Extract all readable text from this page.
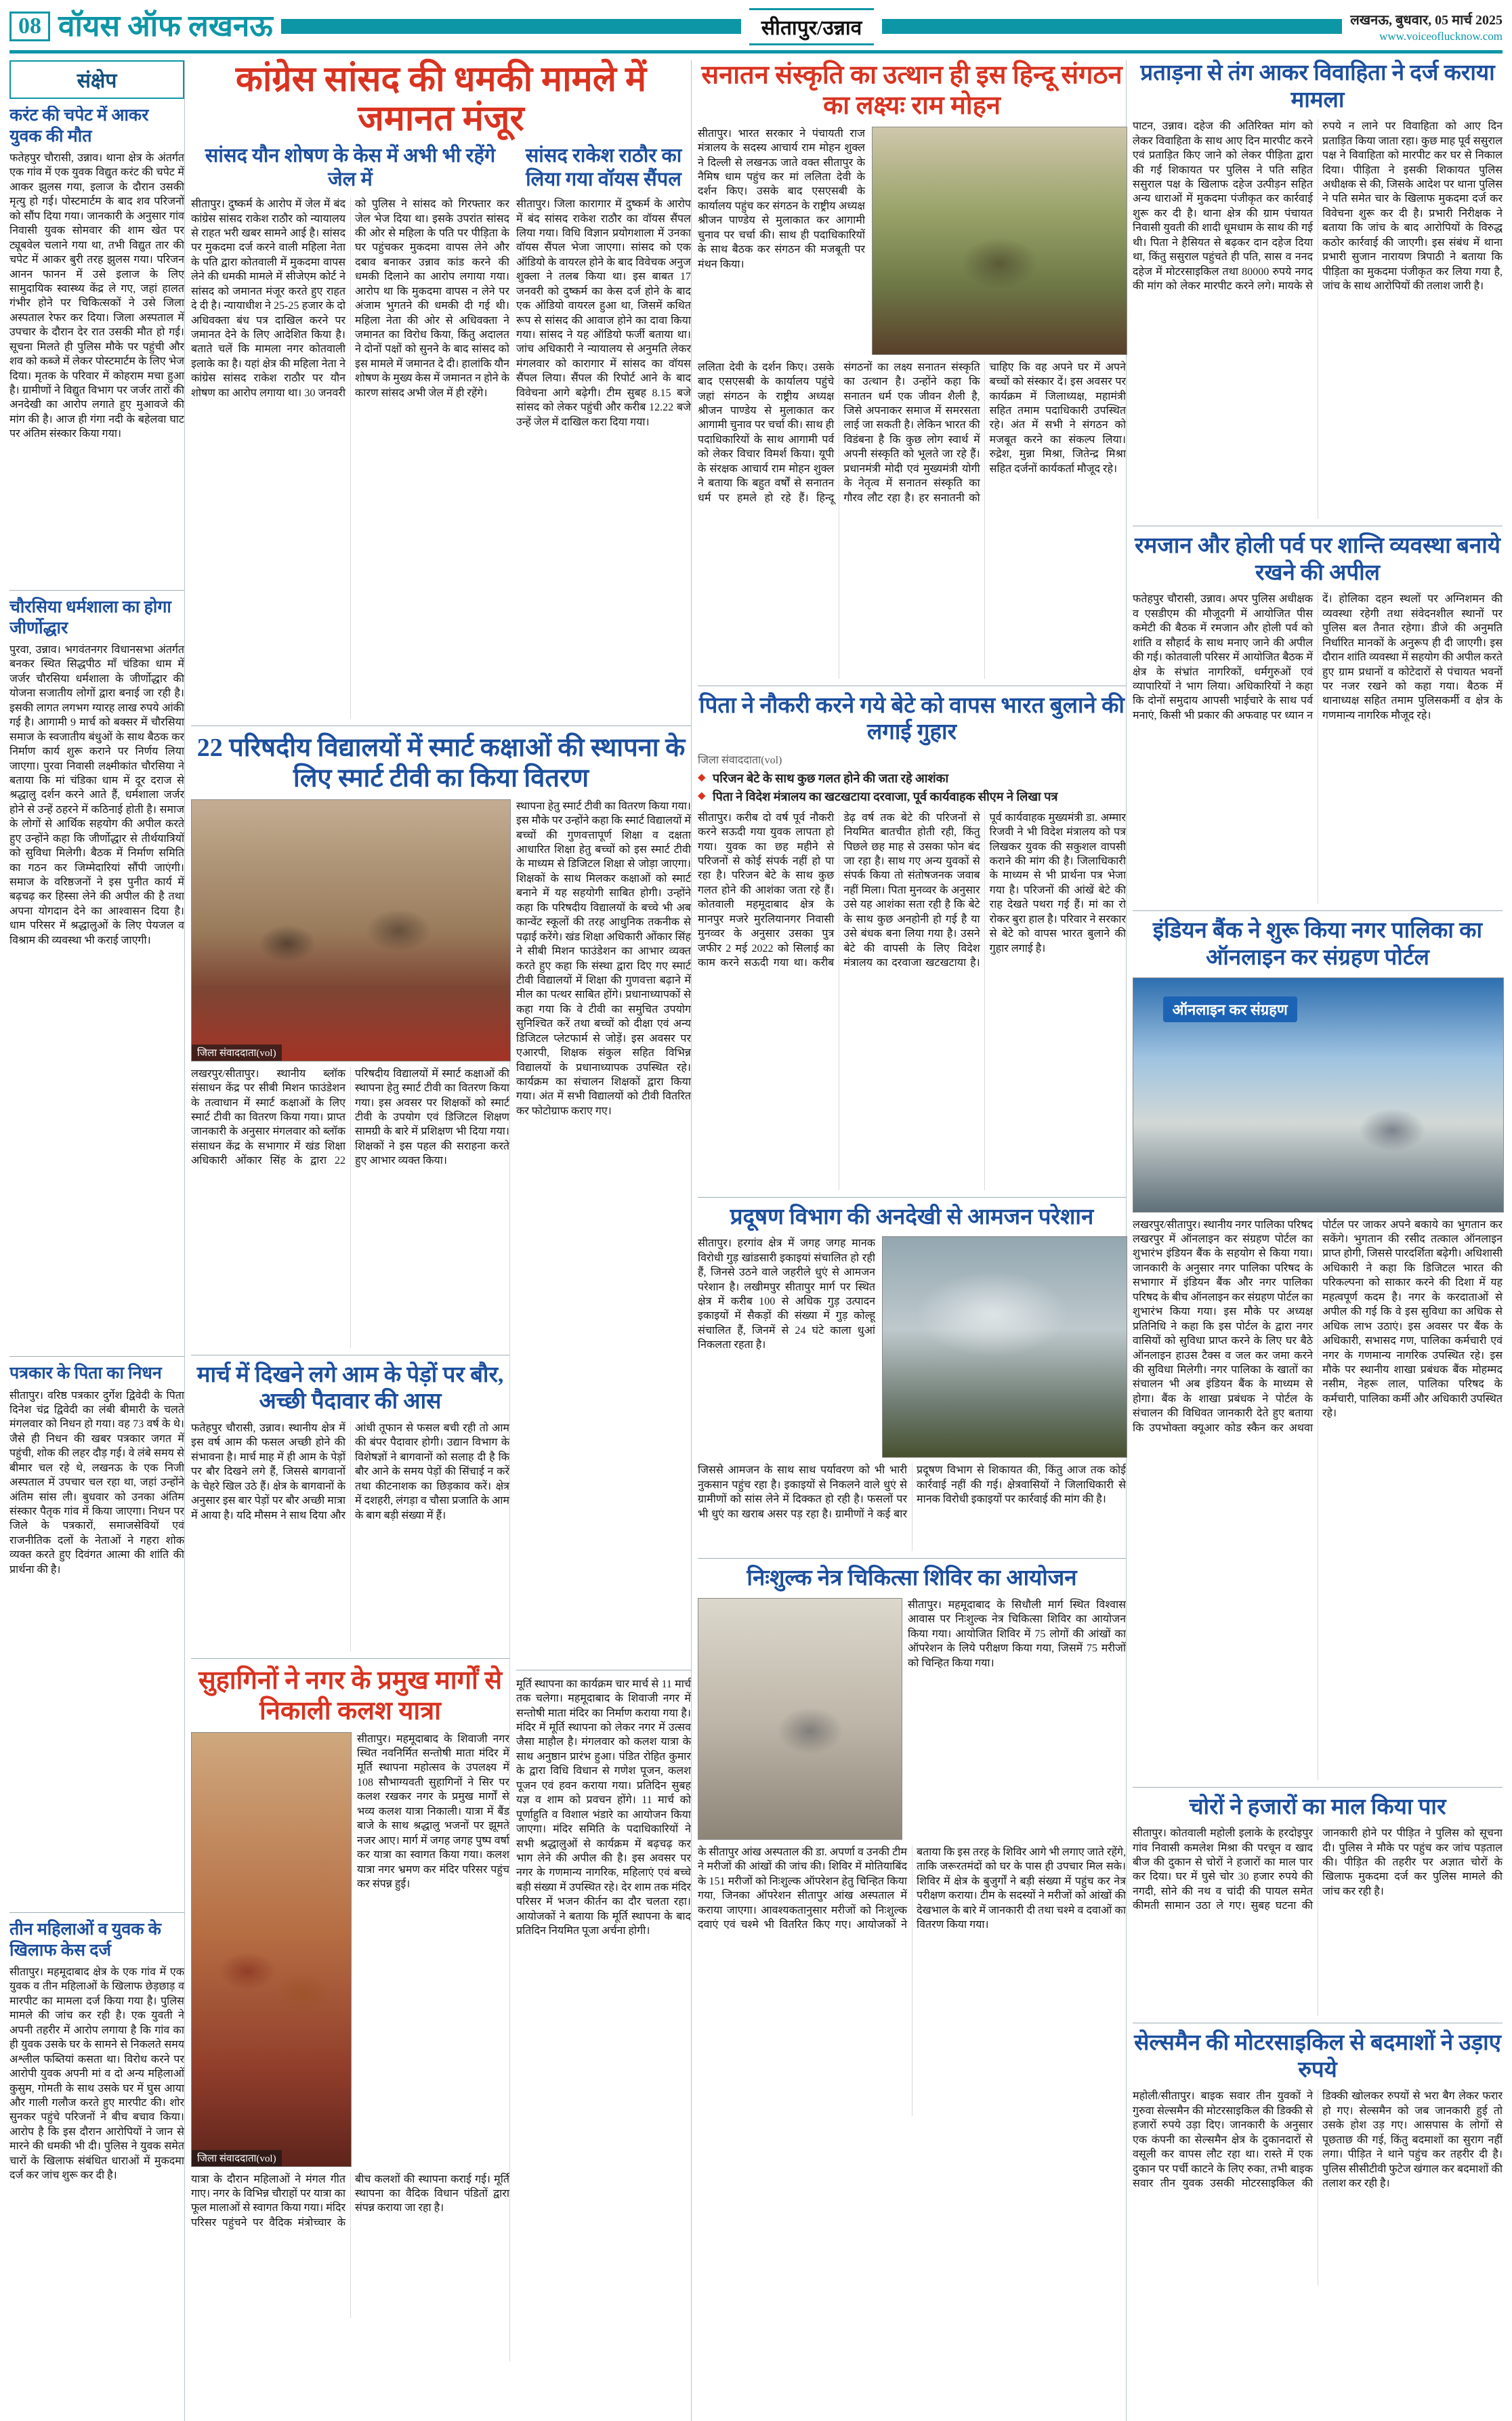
08 वॉयस ऑफ लखनऊ	सीतापुर/उन्नाव	लखनऊ, बुधवार, 05 मार्च 2025
www.voiceoflucknow.com
संक्षेप
करंट की चपेट में आकर युवक की मौत
फतेहपुर चौरासी, उन्नाव। थाना क्षेत्र के अंतर्गत एक गांव में एक युवक विद्युत करंट की चपेट में आकर झुलस गया, इलाज के दौरान उसकी मृत्यु हो गई। पोस्टमार्टम के बाद शव परिजनों को सौंप दिया गया। जानकारी के अनुसार गांव निवासी युवक सोमवार की शाम खेत पर ट्यूबवेल चलाने गया था, तभी विद्युत तार की चपेट में आकर बुरी तरह झुलस गया। परिजन आनन फानन में उसे इलाज के लिए सामुदायिक स्वास्थ्य केंद्र ले गए, जहां हालत गंभीर होने पर चिकित्सकों ने उसे जिला अस्पताल रेफर कर दिया। जिला अस्पताल में उपचार के दौरान देर रात उसकी मौत हो गई। सूचना मिलते ही पुलिस मौके पर पहुंची और शव को कब्जे में लेकर पोस्टमार्टम के लिए भेज दिया। मृतक के परिवार में कोहराम मचा हुआ है। ग्रामीणों ने विद्युत विभाग पर जर्जर तारों की अनदेखी का आरोप लगाते हुए मुआवजे की मांग की है। आज ही गंगा नदी के बहेलवा घाट पर अंतिम संस्कार किया गया।
चौरसिया धर्मशाला का होगा जीर्णोद्धार
पुरवा, उन्नाव। भगवंतनगर विधानसभा अंतर्गत बनकर स्थित सिद्धपीठ माँ चंडिका धाम में जर्जर चौरसिया धर्मशाला के जीर्णोद्धार की योजना सजातीय लोगों द्वारा बनाई जा रही है। इसकी लागत लगभग ग्यारह लाख रुपये आंकी गई है। आगामी 9 मार्च को बक्सर में चौरसिया समाज के स्वजातीय बंधुओं के साथ बैठक कर निर्माण कार्य शुरू कराने पर निर्णय लिया जाएगा। पुरवा निवासी लक्ष्मीकांत चौरसिया ने बताया कि मां चंडिका धाम में दूर दराज से श्रद्धालु दर्शन करने आते हैं, धर्मशाला जर्जर होने से उन्हें ठहरने में कठिनाई होती है। समाज के लोगों से आर्थिक सहयोग की अपील करते हुए उन्होंने कहा कि जीर्णोद्धार से तीर्थयात्रियों को सुविधा मिलेगी। बैठक में निर्माण समिति का गठन कर जिम्मेदारियां सौंपी जाएंगी। समाज के वरिष्ठजनों ने इस पुनीत कार्य में बढ़चढ़ कर हिस्सा लेने की अपील की है तथा अपना योगदान देने का आश्वासन दिया है। धाम परिसर में श्रद्धालुओं के लिए पेयजल व विश्राम की व्यवस्था भी कराई जाएगी।
पत्रकार के पिता का निधन
सीतापुर। वरिष्ठ पत्रकार दुर्गेश द्विवेदी के पिता दिनेश चंद्र द्विवेदी का लंबी बीमारी के चलते मंगलवार को निधन हो गया। वह 73 वर्ष के थे। जैसे ही निधन की खबर पत्रकार जगत में पहुंची, शोक की लहर दौड़ गई। वे लंबे समय से बीमार चल रहे थे, लखनऊ के एक निजी अस्पताल में उपचार चल रहा था, जहां उन्होंने अंतिम सांस ली। बुधवार को उनका अंतिम संस्कार पैतृक गांव में किया जाएगा। निधन पर जिले के पत्रकारों, समाजसेवियों एवं राजनीतिक दलों के नेताओं ने गहरा शोक व्यक्त करते हुए दिवंगत आत्मा की शांति की प्रार्थना की है।
तीन महिलाओं व युवक के खिलाफ केस दर्ज
सीतापुर। महमूदाबाद क्षेत्र के एक गांव में एक युवक व तीन महिलाओं के खिलाफ छेड़छाड़ व मारपीट का मामला दर्ज किया गया है। पुलिस मामले की जांच कर रही है। एक युवती ने अपनी तहरीर में आरोप लगाया है कि गांव का ही युवक उसके घर के सामने से निकलते समय अश्लील फब्तियां कसता था। विरोध करने पर आरोपी युवक अपनी मां व दो अन्य महिलाओं कुसुम, गोमती के साथ उसके घर में घुस आया और गाली गलौज करते हुए मारपीट की। शोर सुनकर पहुंचे परिजनों ने बीच बचाव किया। आरोप है कि इस दौरान आरोपियों ने जान से मारने की धमकी भी दी। पुलिस ने युवक समेत चारों के खिलाफ संबंधित धाराओं में मुकदमा दर्ज कर जांच शुरू कर दी है।
कांग्रेस सांसद की धमकी मामले में जमानत मंजूर
सांसद यौन शोषण के केस में अभी भी रहेंगे जेल में
सीतापुर। दुष्कर्म के आरोप में जेल में बंद कांग्रेस सांसद राकेश राठौर को न्यायालय से राहत भरी खबर सामने आई है। सांसद पर मुकदमा दर्ज करने वाली महिला नेता के पति द्वारा कोतवाली में मुकदमा वापस लेने की धमकी मामले में सीजेएम कोर्ट ने सांसद को जमानत मंजूर करते हुए राहत दे दी है। न्यायाधीश ने 25-25 हजार के दो अधिवक्ता बंध पत्र दाखिल करने पर जमानत देने के लिए आदेशित किया है। बताते चलें कि मामला नगर कोतवाली इलाके का है। यहां क्षेत्र की महिला नेता ने कांग्रेस सांसद राकेश राठौर पर यौन शोषण का आरोप लगाया था। 30 जनवरी को पुलिस ने सांसद को गिरफ्तार कर जेल भेज दिया था। इसके उपरांत सांसद की ओर से महिला के पति पर पीड़िता के घर पहुंचकर मुकदमा वापस लेने और दबाव बनाकर उन्नाव कांड करने की धमकी दिलाने का आरोप लगाया गया। आरोप था कि मुकदमा वापस न लेने पर अंजाम भुगतने की धमकी दी गई थी। महिला नेता की ओर से अधिवक्ता ने जमानत का विरोध किया, किंतु अदालत ने दोनों पक्षों को सुनने के बाद सांसद को इस मामले में जमानत दे दी। हालांकि यौन शोषण के मुख्य केस में जमानत न होने के कारण सांसद अभी जेल में ही रहेंगे।
सांसद राकेश राठौर का लिया गया वॉयस सैंपल
सीतापुर। जिला कारागार में दुष्कर्म के आरोप में बंद सांसद राकेश राठौर का वॉयस सैंपल लिया गया। विधि विज्ञान प्रयोगशाला में उनका वॉयस सैंपल भेजा जाएगा। सांसद को एक ऑडियो के वायरल होने के बाद विवेचक अनुज शुक्ला ने तलब किया था। इस बाबत 17 जनवरी को दुष्कर्म का केस दर्ज होने के बाद एक ऑडियो वायरल हुआ था, जिसमें कथित रूप से सांसद की आवाज होने का दावा किया गया। सांसद ने यह ऑडियो फर्जी बताया था। जांच अधिकारी ने न्यायालय से अनुमति लेकर मंगलवार को कारागार में सांसद का वॉयस सैंपल लिया। सैंपल की रिपोर्ट आने के बाद विवेचना आगे बढ़ेगी। टीम सुबह 8.15 बजे सांसद को लेकर पहुंची और करीब 12.22 बजे उन्हें जेल में दाखिल करा दिया गया।
22 परिषदीय विद्यालयों में स्मार्ट कक्षाओं की स्थापना के लिए स्मार्ट टीवी का किया वितरण
जिला संवाददाता(vol)
लखरपुर/सीतापुर। स्थानीय ब्लॉक संसाधन केंद्र पर सीबी मिशन फाउंडेशन के तत्वाधान में स्मार्ट कक्षाओं के लिए स्मार्ट टीवी का वितरण किया गया। प्राप्त जानकारी के अनुसार मंगलवार को ब्लॉक संसाधन केंद्र के सभागार में खंड शिक्षा अधिकारी ओंकार सिंह के द्वारा 22 परिषदीय विद्यालयों में स्मार्ट कक्षाओं की स्थापना हेतु स्मार्ट टीवी का वितरण किया गया। इस अवसर पर शिक्षकों को स्मार्ट टीवी के उपयोग एवं डिजिटल शिक्षण सामग्री के बारे में प्रशिक्षण भी दिया गया। शिक्षकों ने इस पहल की सराहना करते हुए आभार व्यक्त किया।
मार्च में दिखने लगे आम के पेड़ों पर बौर, अच्छी पैदावार की आस
फतेहपुर चौरासी, उन्नाव। स्थानीय क्षेत्र में इस वर्ष आम की फसल अच्छी होने की संभावना है। मार्च माह में ही आम के पेड़ों पर बौर दिखने लगे हैं, जिससे बागवानों के चेहरे खिल उठे हैं। क्षेत्र के बागवानों के अनुसार इस बार पेड़ों पर बौर अच्छी मात्रा में आया है। यदि मौसम ने साथ दिया और आंधी तूफान से फसल बची रही तो आम की बंपर पैदावार होगी। उद्यान विभाग के विशेषज्ञों ने बागवानों को सलाह दी है कि बौर आने के समय पेड़ों की सिंचाई न करें तथा कीटनाशक का छिड़काव करें। क्षेत्र में दशहरी, लंगड़ा व चौसा प्रजाति के आम के बाग बड़ी संख्या में हैं।
सुहागिनों ने नगर के प्रमुख मार्गों से निकाली कलश यात्रा
जिला संवाददाता(vol)
सीतापुर। महमूदाबाद के शिवाजी नगर स्थित नवनिर्मित सन्तोषी माता मंदिर में मूर्ति स्थापना महोत्सव के उपलक्ष्य में 108 सौभाग्यवती सुहागिनों ने सिर पर कलश रखकर नगर के प्रमुख मार्गों से भव्य कलश यात्रा निकाली। यात्रा में बैंड बाजे के साथ श्रद्धालु भजनों पर झूमते नजर आए। मार्ग में जगह जगह पुष्प वर्षा कर यात्रा का स्वागत किया गया। कलश यात्रा नगर भ्रमण कर मंदिर परिसर पहुंच कर संपन्न हुई।
यात्रा के दौरान महिलाओं ने मंगल गीत गाए। नगर के विभिन्न चौराहों पर यात्रा का फूल मालाओं से स्वागत किया गया। मंदिर परिसर पहुंचने पर वैदिक मंत्रोच्चार के बीच कलशों की स्थापना कराई गई। मूर्ति स्थापना का वैदिक विधान पंडितों द्वारा संपन्न कराया जा रहा है।
स्थापना हेतु स्मार्ट टीवी का वितरण किया गया। इस मौके पर उन्होंने कहा कि स्मार्ट विद्यालयों में बच्चों की गुणवत्तापूर्ण शिक्षा व दक्षता आधारित शिक्षा हेतु बच्चों को इस स्मार्ट टीवी के माध्यम से डिजिटल शिक्षा से जोड़ा जाएगा। शिक्षकों के साथ मिलकर कक्षाओं को स्मार्ट बनाने में यह सहयोगी साबित होगी। उन्होंने कहा कि परिषदीय विद्यालयों के बच्चे भी अब कान्वेंट स्कूलों की तरह आधुनिक तकनीक से पढ़ाई करेंगे। खंड शिक्षा अधिकारी ओंकार सिंह ने सीबी मिशन फाउंडेशन का आभार व्यक्त करते हुए कहा कि संस्था द्वारा दिए गए स्मार्ट टीवी विद्यालयों में शिक्षा की गुणवत्ता बढ़ाने में मील का पत्थर साबित होंगे। प्रधानाध्यापकों से कहा गया कि वे टीवी का समुचित उपयोग सुनिश्चित करें तथा बच्चों को दीक्षा एवं अन्य डिजिटल प्लेटफार्म से जोड़ें। इस अवसर पर एआरपी, शिक्षक संकुल सहित विभिन्न विद्यालयों के प्रधानाध्यापक उपस्थित रहे। कार्यक्रम का संचालन शिक्षकों द्वारा किया गया। अंत में सभी विद्यालयों को टीवी वितरित कर फोटोग्राफ कराए गए।
मूर्ति स्थापना का कार्यक्रम चार मार्च से 11 मार्च तक चलेगा। महमूदाबाद के शिवाजी नगर में सन्तोषी माता मंदिर का निर्माण कराया गया है। मंदिर में मूर्ति स्थापना को लेकर नगर में उत्सव जैसा माहौल है। मंगलवार को कलश यात्रा के साथ अनुष्ठान प्रारंभ हुआ। पंडित रोहित कुमार के द्वारा विधि विधान से गणेश पूजन, कलश पूजन एवं हवन कराया गया। प्रतिदिन सुबह यज्ञ व शाम को प्रवचन होंगे। 11 मार्च को पूर्णाहुति व विशाल भंडारे का आयोजन किया जाएगा। मंदिर समिति के पदाधिकारियों ने सभी श्रद्धालुओं से कार्यक्रम में बढ़चढ़ कर भाग लेने की अपील की है। इस अवसर पर नगर के गणमान्य नागरिक, महिलाएं एवं बच्चे बड़ी संख्या में उपस्थित रहे। देर शाम तक मंदिर परिसर में भजन कीर्तन का दौर चलता रहा। आयोजकों ने बताया कि मूर्ति स्थापना के बाद प्रतिदिन नियमित पूजा अर्चना होगी।
सनातन संस्कृति का उत्थान ही इस हिन्दू संगठन का लक्ष्यः राम मोहन
सीतापुर। भारत सरकार ने पंचायती राज मंत्रालय के सदस्य आचार्य राम मोहन शुक्ल ने दिल्ली से लखनऊ जाते वक्त सीतापुर के नैमिष धाम पहुंच कर मां ललिता देवी के दर्शन किए। उसके बाद एसएसबी के कार्यालय पहुंच कर संगठन के राष्ट्रीय अध्यक्ष श्रीजन पाण्डेय से मुलाकात कर आगामी चुनाव पर चर्चा की। साथ ही पदाधिकारियों के साथ बैठक कर संगठन की मजबूती पर मंथन किया।
ललिता देवी के दर्शन किए। उसके बाद एसएसबी के कार्यालय पहुंचे जहां संगठन के राष्ट्रीय अध्यक्ष श्रीजन पाण्डेय से मुलाकात कर आगामी चुनाव पर चर्चा की। साथ ही पदाधिकारियों के साथ आगामी पर्व को लेकर विचार विमर्श किया। यूपी के संरक्षक आचार्य राम मोहन शुक्ल ने बताया कि बहुत वर्षों से सनातन धर्म पर हमले हो रहे हैं। हिन्दू संगठनों का लक्ष्य सनातन संस्कृति का उत्थान है। उन्होंने कहा कि सनातन धर्म एक जीवन शैली है, जिसे अपनाकर समाज में समरसता लाई जा सकती है। लेकिन भारत की विडंबना है कि कुछ लोग स्वार्थ में अपनी संस्कृति को भूलते जा रहे हैं। प्रधानमंत्री मोदी एवं मुख्यमंत्री योगी के नेतृत्व में सनातन संस्कृति का गौरव लौट रहा है। हर सनातनी को चाहिए कि वह अपने घर में अपने बच्चों को संस्कार दें। इस अवसर पर कार्यक्रम में जिलाध्यक्ष, महामंत्री सहित तमाम पदाधिकारी उपस्थित रहे। अंत में सभी ने संगठन को मजबूत करने का संकल्प लिया। रुद्रेश, मुन्ना मिश्रा, जितेन्द्र मिश्रा सहित दर्जनों कार्यकर्ता मौजूद रहे।
पिता ने नौकरी करने गये बेटे को वापस भारत बुलाने की लगाई गुहार
जिला संवाददाता(vol)
◆ परिजन बेटे के साथ कुछ गलत होने की जता रहे आशंका
◆ पिता ने विदेश मंत्रालय का खटखटाया दरवाजा, पूर्व कार्यवाहक सीएम ने लिखा पत्र
सीतापुर। करीब दो वर्ष पूर्व नौकरी करने सऊदी गया युवक लापता हो गया। युवक का छह महीने से परिजनों से कोई संपर्क नहीं हो पा रहा है। परिजन बेटे के साथ कुछ गलत होने की आशंका जता रहे हैं। कोतवाली महमूदाबाद क्षेत्र के मानपुर मजरे मुरलियानगर निवासी मुनव्वर के अनुसार उसका पुत्र जफीर 2 मई 2022 को सिलाई का काम करने सऊदी गया था। करीब डेढ़ वर्ष तक बेटे की परिजनों से नियमित बातचीत होती रही, किंतु पिछले छह माह से उसका फोन बंद जा रहा है। साथ गए अन्य युवकों से संपर्क किया तो संतोषजनक जवाब नहीं मिला। पिता मुनव्वर के अनुसार उसे यह आशंका सता रही है कि बेटे के साथ कुछ अनहोनी हो गई है या उसे बंधक बना लिया गया है। उसने बेटे की वापसी के लिए विदेश मंत्रालय का दरवाजा खटखटाया है। पूर्व कार्यवाहक मुख्यमंत्री डा. अम्मार रिजवी ने भी विदेश मंत्रालय को पत्र लिखकर युवक की सकुशल वापसी कराने की मांग की है। जिलाधिकारी के माध्यम से भी प्रार्थना पत्र भेजा गया है। परिजनों की आंखें बेटे की राह देखते पथरा गई हैं। मां का रो रोकर बुरा हाल है। परिवार ने सरकार से बेटे को वापस भारत बुलाने की गुहार लगाई है।
प्रदूषण विभाग की अनदेखी से आमजन परेशान
सीतापुर। हरगांव क्षेत्र में जगह जगह मानक विरोधी गुड़ खांडसारी इकाइयां संचालित हो रही हैं, जिनसे उठने वाले जहरीले धुएं से आमजन परेशान है। लखीमपुर सीतापुर मार्ग पर स्थित क्षेत्र में करीब 100 से अधिक गुड़ उत्पादन इकाइयों में सैकड़ों की संख्या में गुड़ कोल्हू संचालित हैं, जिनमें से 24 घंटे काला धुआं निकलता रहता है।
जिससे आमजन के साथ साथ पर्यावरण को भी भारी नुकसान पहुंच रहा है। इकाइयों से निकलने वाले धुएं से ग्रामीणों को सांस लेने में दिक्कत हो रही है। फसलों पर भी धुएं का खराब असर पड़ रहा है। ग्रामीणों ने कई बार प्रदूषण विभाग से शिकायत की, किंतु आज तक कोई कार्रवाई नहीं की गई। क्षेत्रवासियों ने जिलाधिकारी से मानक विरोधी इकाइयों पर कार्रवाई की मांग की है।
निःशुल्क नेत्र चिकित्सा शिविर का आयोजन
सीतापुर। महमूदाबाद के सिधौली मार्ग स्थित विश्वास आवास पर निःशुल्क नेत्र चिकित्सा शिविर का आयोजन किया गया। आयोजित शिविर में 75 लोगों की आंखों का ऑपरेशन के लिये परीक्षण किया गया, जिसमें 75 मरीजों को चिन्हित किया गया।
के सीतापुर आंख अस्पताल की डा. अपर्णा व उनकी टीम ने मरीजों की आंखों की जांच की। शिविर में मोतियाबिंद के 151 मरीजों को निःशुल्क ऑपरेशन हेतु चिन्हित किया गया, जिनका ऑपरेशन सीतापुर आंख अस्पताल में कराया जाएगा। आवश्यकतानुसार मरीजों को निःशुल्क दवाएं एवं चश्मे भी वितरित किए गए। आयोजकों ने बताया कि इस तरह के शिविर आगे भी लगाए जाते रहेंगे, ताकि जरूरतमंदों को घर के पास ही उपचार मिल सके। शिविर में क्षेत्र के बुजुर्गों ने बड़ी संख्या में पहुंच कर नेत्र परीक्षण कराया। टीम के सदस्यों ने मरीजों को आंखों की देखभाल के बारे में जानकारी दी तथा चश्मे व दवाओं का वितरण किया गया।
प्रताड़ना से तंग आकर विवाहिता ने दर्ज कराया मामला
पाटन, उन्नाव। दहेज की अतिरिक्त मांग को लेकर विवाहिता के साथ आए दिन मारपीट करने एवं प्रताड़ित किए जाने को लेकर पीड़िता द्वारा की गई शिकायत पर पुलिस ने पति सहित ससुराल पक्ष के खिलाफ दहेज उत्पीड़न सहित अन्य धाराओं में मुकदमा पंजीकृत कर कार्रवाई शुरू कर दी है। थाना क्षेत्र की ग्राम पंचायत निवासी युवती की शादी धूमधाम के साथ की गई थी। पिता ने हैसियत से बढ़कर दान दहेज दिया था, किंतु ससुराल पहुंचते ही पति, सास व ननद दहेज में मोटरसाइकिल तथा 80000 रुपये नगद की मांग को लेकर मारपीट करने लगे। मायके से रुपये न लाने पर विवाहिता को आए दिन प्रताड़ित किया जाता रहा। कुछ माह पूर्व ससुराल पक्ष ने विवाहिता को मारपीट कर घर से निकाल दिया। पीड़िता ने इसकी शिकायत पुलिस अधीक्षक से की, जिसके आदेश पर थाना पुलिस ने पति समेत चार के खिलाफ मुकदमा दर्ज कर विवेचना शुरू कर दी है। प्रभारी निरीक्षक ने बताया कि जांच के बाद आरोपियों के विरुद्ध कठोर कार्रवाई की जाएगी। इस संबंध में थाना प्रभारी सुजान नारायण त्रिपाठी ने बताया कि पीड़िता का मुकदमा पंजीकृत कर लिया गया है, जांच के साथ आरोपियों की तलाश जारी है।
रमजान और होली पर्व पर शान्ति व्यवस्था बनाये रखने की अपील
फतेहपुर चौरासी, उन्नाव। अपर पुलिस अधीक्षक व एसडीएम की मौजूदगी में आयोजित पीस कमेटी की बैठक में रमजान और होली पर्व को शांति व सौहार्द के साथ मनाए जाने की अपील की गई। कोतवाली परिसर में आयोजित बैठक में क्षेत्र के संभ्रांत नागरिकों, धर्मगुरुओं एवं व्यापारियों ने भाग लिया। अधिकारियों ने कहा कि दोनों समुदाय आपसी भाईचारे के साथ पर्व मनाएं, किसी भी प्रकार की अफवाह पर ध्यान न दें। होलिका दहन स्थलों पर अग्निशमन की व्यवस्था रहेगी तथा संवेदनशील स्थानों पर पुलिस बल तैनात रहेगा। डीजे की अनुमति निर्धारित मानकों के अनुरूप ही दी जाएगी। इस दौरान शांति व्यवस्था में सहयोग की अपील करते हुए ग्राम प्रधानों व कोटेदारों से पंचायत भवनों पर नजर रखने को कहा गया। बैठक में थानाध्यक्ष सहित तमाम पुलिसकर्मी व क्षेत्र के गणमान्य नागरिक मौजूद रहे।
इंडियन बैंक ने शुरू किया नगर पालिका का ऑनलाइन कर संग्रहण पोर्टल
ऑनलाइन कर संग्रहण
लखरपुर/सीतापुर। स्थानीय नगर पालिका परिषद लखरपुर में ऑनलाइन कर संग्रहण पोर्टल का शुभारंभ इंडियन बैंक के सहयोग से किया गया। जानकारी के अनुसार नगर पालिका परिषद के सभागार में इंडियन बैंक और नगर पालिका परिषद के बीच ऑनलाइन कर संग्रहण पोर्टल का शुभारंभ किया गया। इस मौके पर अध्यक्ष प्रतिनिधि ने कहा कि इस पोर्टल के द्वारा नगर वासियों को सुविधा प्राप्त करने के लिए घर बैठे ऑनलाइन हाउस टैक्स व जल कर जमा करने की सुविधा मिलेगी। नगर पालिका के खातों का संचालन भी अब इंडियन बैंक के माध्यम से होगा। बैंक के शाखा प्रबंधक ने पोर्टल के संचालन की विधिवत जानकारी देते हुए बताया कि उपभोक्ता क्यूआर कोड स्कैन कर अथवा पोर्टल पर जाकर अपने बकाये का भुगतान कर सकेंगे। भुगतान की रसीद तत्काल ऑनलाइन प्राप्त होगी, जिससे पारदर्शिता बढ़ेगी। अधिशासी अधिकारी ने कहा कि डिजिटल भारत की परिकल्पना को साकार करने की दिशा में यह महत्वपूर्ण कदम है। नगर के करदाताओं से अपील की गई कि वे इस सुविधा का अधिक से अधिक लाभ उठाएं। इस अवसर पर बैंक के अधिकारी, सभासद गण, पालिका कर्मचारी एवं नगर के गणमान्य नागरिक उपस्थित रहे। इस मौके पर स्थानीय शाखा प्रबंधक बैंक मोहम्मद नसीम, नेहरू लाल, पालिका परिषद के कर्मचारी, पालिका कर्मी और अधिकारी उपस्थित रहे।
चोरों ने हजारों का माल किया पार
सीतापुर। कोतवाली महोली इलाके के हरदोइपुर गांव निवासी कमलेश मिश्रा की परचून व खाद बीज की दुकान से चोरों ने हजारों का माल पार कर दिया। घर में घुसे चोर 30 हजार रुपये की नगदी, सोने की नथ व चांदी की पायल समेत कीमती सामान उठा ले गए। सुबह घटना की जानकारी होने पर पीड़ित ने पुलिस को सूचना दी। पुलिस ने मौके पर पहुंच कर जांच पड़ताल की। पीड़ित की तहरीर पर अज्ञात चोरों के खिलाफ मुकदमा दर्ज कर पुलिस मामले की जांच कर रही है।
सेल्समैन की मोटरसाइकिल से बदमाशों ने उड़ाए रुपये
महोली/सीतापुर। बाइक सवार तीन युवकों ने गुरुवा सेल्समैन की मोटरसाइकिल की डिक्की से हजारों रुपये उड़ा दिए। जानकारी के अनुसार एक कंपनी का सेल्समैन क्षेत्र के दुकानदारों से वसूली कर वापस लौट रहा था। रास्ते में एक दुकान पर पर्ची काटने के लिए रुका, तभी बाइक सवार तीन युवक उसकी मोटरसाइकिल की डिक्की खोलकर रुपयों से भरा बैग लेकर फरार हो गए। सेल्समैन को जब जानकारी हुई तो उसके होश उड़ गए। आसपास के लोगों से पूछताछ की गई, किंतु बदमाशों का सुराग नहीं लगा। पीड़ित ने थाने पहुंच कर तहरीर दी है। पुलिस सीसीटीवी फुटेज खंगाल कर बदमाशों की तलाश कर रही है।
